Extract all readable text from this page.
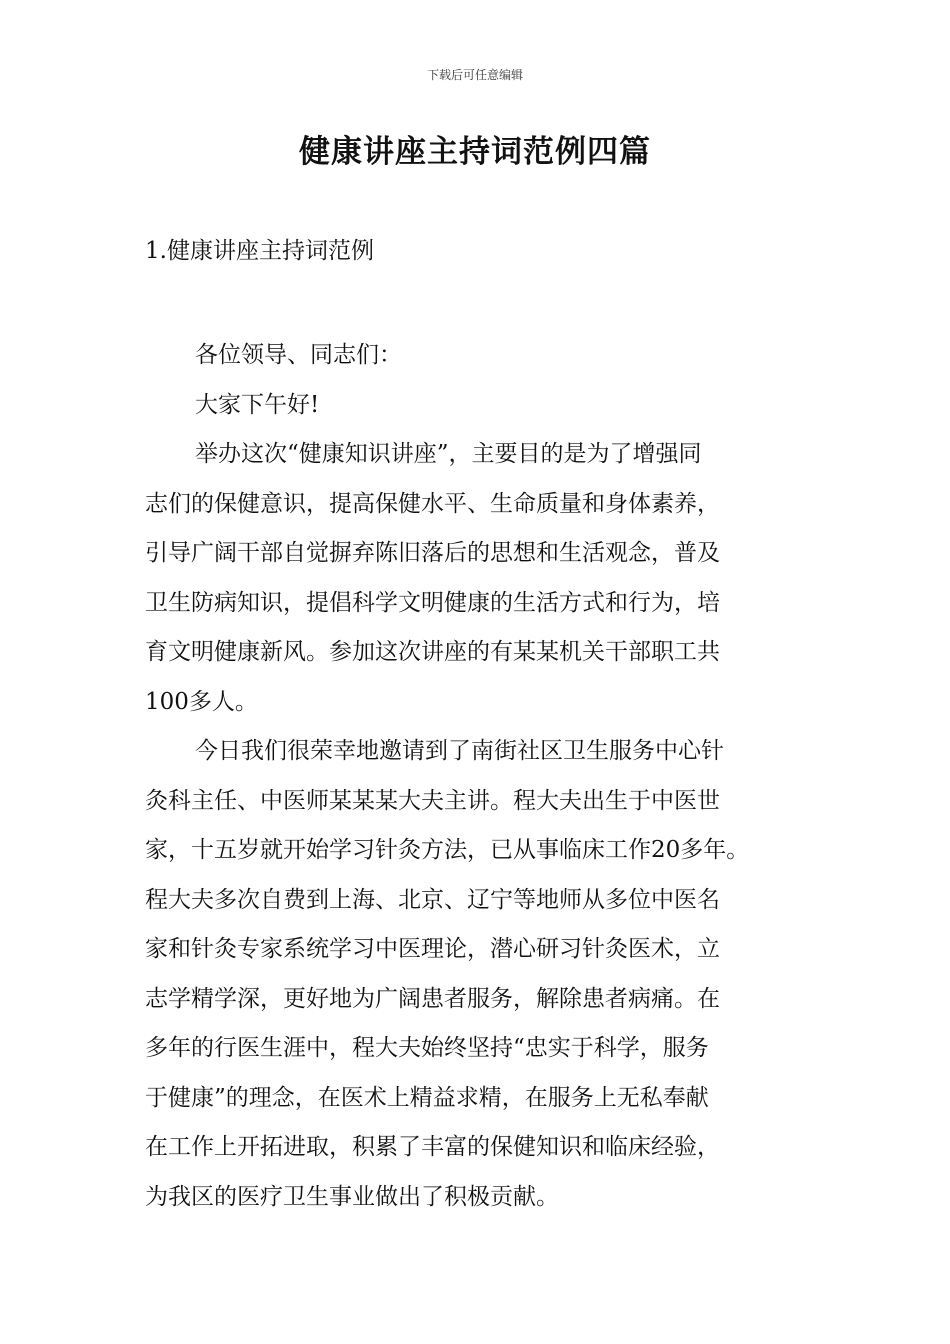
下载后可任意编辑
健康讲座主持词范例四篇
1.健康讲座主持词范例

各位领导、同志们：

大家下午好!

举办这次“健康知识讲座”，主要目的是为了增强同
志们的保健意识，提高保健水平、生命质量和身体素养，
引导广阔干部自觉摒弃陈旧落后的思想和生活观念，普及
卫生防病知识，提倡科学文明健康的生活方式和行为，培
育文明健康新风。参加这次讲座的有某某机关干部职工共
100多人。

今日我们很荣幸地邀请到了南街社区卫生服务中心针
灸科主任、中医师某某某大夫主讲。程大夫出生于中医世
家，十五岁就开始学习针灸方法，已从事临床工作20多年。
程大夫多次自费到上海、北京、辽宁等地师从多位中医名
家和针灸专家系统学习中医理论，潜心研习针灸医术，立
志学精学深，更好地为广阔患者服务，解除患者病痛。在
多年的行医生涯中，程大夫始终坚持“忠实于科学，服务
于健康”的理念，在医术上精益求精，在服务上无私奉献
在工作上开拓进取，积累了丰富的保健知识和临床经验，
为我区的医疗卫生事业做出了积极贡献。
